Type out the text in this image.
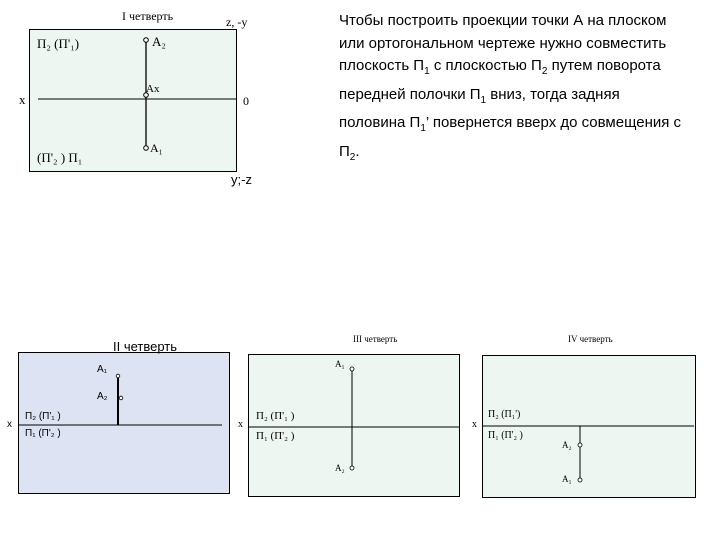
Чтобы построить проекции точки А на плоском
или ортогональном чертеже нужно совместить
плоскость $П_1$ с плоскостью $П_2$ путем поворота
передней полочки $П_1$ вниз, тогда задняя
половина $П_1$’ повернется вверх до совмещения с
$П_2$.
I четверть	z, -y
y;-z
x	0
П₂ (П'₁)
(П'₂ ) П₁
A₂
Ax
A₁
II четверть
x
П₂ (П'₁ )
П₁ (П'₂ )
A₁
A₂
III четверть
x
П₂ (П'₁ )
П₁ (П'₂ )
A₁
A₂
IV четверть
x
П₂ (П₁')
П₁ (П'₂ )
A₂
A₁
